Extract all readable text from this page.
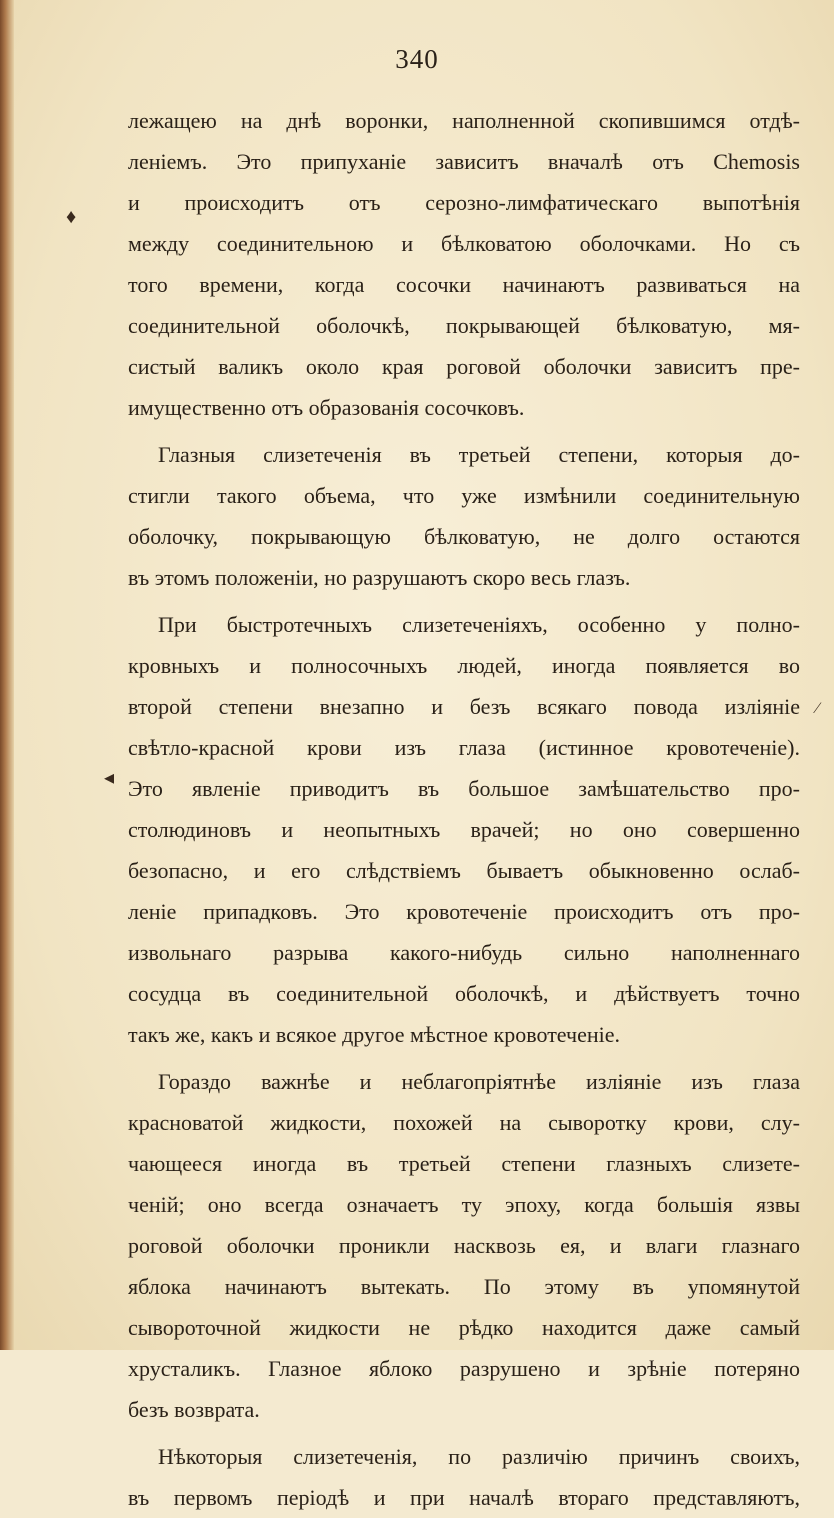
340
♦
◂
⁄
лежащею на днѣ воронки, наполненной скопившимся отдѣ-
ленiемъ. Это припуханiе зависитъ вначалѣ отъ Chemosis
и происходитъ отъ серозно-лимфатическаго выпотѣнiя
между соединительною и бѣлковатою оболочками. Но съ
того времени, когда сосочки начинаютъ развиваться на
соединительной оболочкѣ, покрывающей бѣлковатую, мя-
систый валикъ около края роговой оболочки зависитъ пре-
имущественно отъ образованiя сосочковъ.
Глазныя слизетеченiя въ третьей степени, которыя до-
стигли такого объема, что уже измѣнили соединительную
оболочку, покрывающую бѣлковатую, не долго остаются
въ этомъ положенiи, но разрушаютъ скоро весь глазъ.
При быстротечныхъ слизетеченiяхъ, особенно у полно-
кровныхъ и полносочныхъ людей, иногда появляется во
второй степени внезапно и безъ всякаго повода излiянiе
свѣтло-красной крови изъ глаза (истинное кровотеченiе).
Это явленiе приводитъ въ большое замѣшательство про-
столюдиновъ и неопытныхъ врачей; но оно совершенно
безопасно, и его слѣдствiемъ бываетъ обыкновенно ослаб-
ленiе припадковъ. Это кровотеченiе происходитъ отъ про-
извольнаго разрыва какого-нибудь сильно наполненнаго
сосудца въ соединительной оболочкѣ, и дѣйствуетъ точно
такъ же, какъ и всякое другое мѣстное кровотеченiе.
Гораздо важнѣе и неблагопрiятнѣе излiянiе изъ глаза
красноватой жидкости, похожей на сыворотку крови, слу-
чающееся иногда въ третьей степени глазныхъ слизете-
ченiй; оно всегда означаетъ ту эпоху, когда большiя язвы
роговой оболочки проникли насквозь ея, и влаги глазнаго
яблока начинаютъ вытекать. По этому въ упомянутой
сывороточной жидкости не рѣдко находится даже самый
хрусталикъ. Глазное яблоко разрушено и зрѣнiе потерянo
безъ возврата.
Нѣкоторыя слизетеченiя, по различiю причинъ своихъ,
въ первомъ перiодѣ и при началѣ втораго представляютъ,
